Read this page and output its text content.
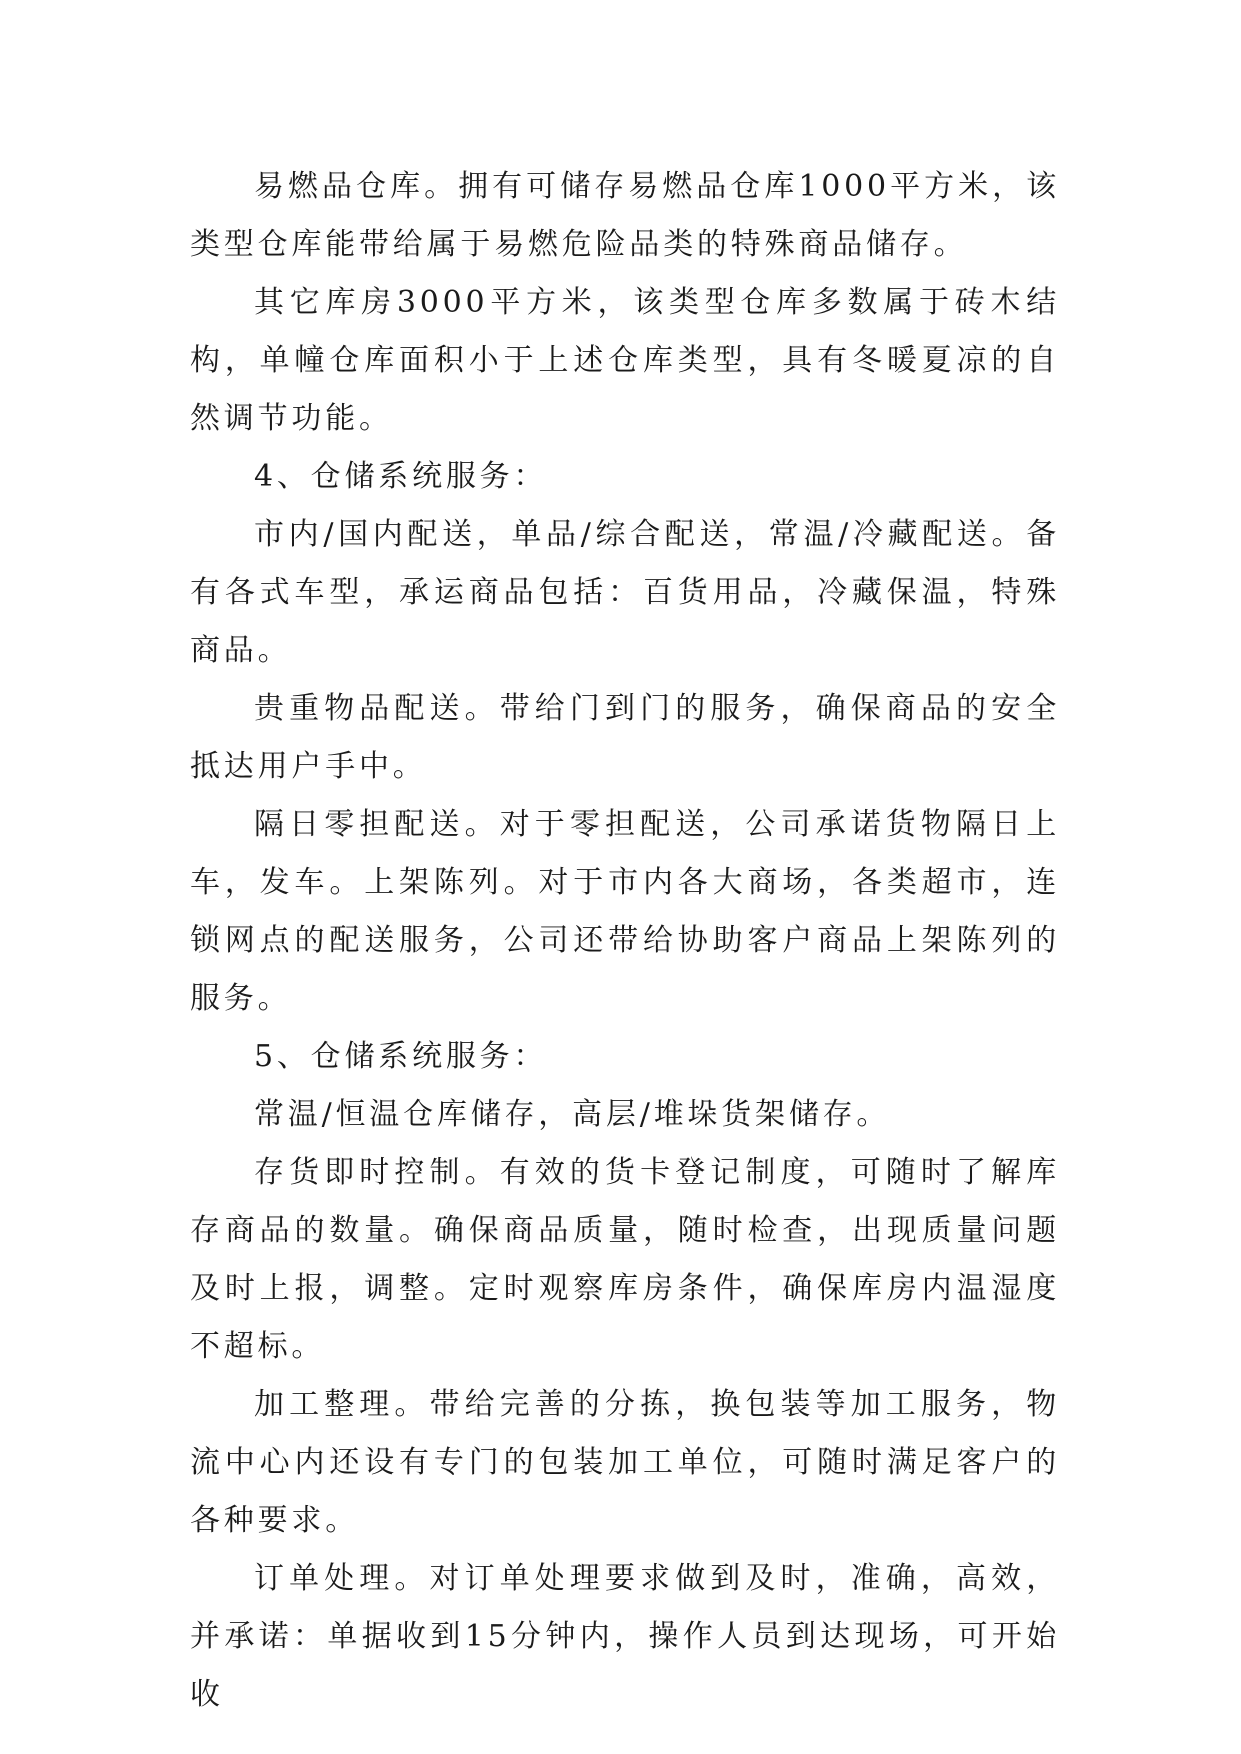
易燃品仓库。拥有可储存易燃品仓库1000平方米，该类型仓库能带给属于易燃危险品类的特殊商品储存。

其它库房3000平方米，该类型仓库多数属于砖木结构，单幢仓库面积小于上述仓库类型，具有冬暖夏凉的自然调节功能。

4、仓储系统服务：

市内/国内配送，单品/综合配送，常温/冷藏配送。备有各式车型，承运商品包括：百货用品，冷藏保温，特殊商品。

贵重物品配送。带给门到门的服务，确保商品的安全抵达用户手中。

隔日零担配送。对于零担配送，公司承诺货物隔日上车，发车。上架陈列。对于市内各大商场，各类超市，连锁网点的配送服务，公司还带给协助客户商品上架陈列的服务。

5、仓储系统服务：

常温/恒温仓库储存，高层/堆垛货架储存。

存货即时控制。有效的货卡登记制度，可随时了解库存商品的数量。确保商品质量，随时检查，出现质量问题及时上报，调整。定时观察库房条件，确保库房内温湿度不超标。

加工整理。带给完善的分拣，换包装等加工服务，物流中心内还设有专门的包装加工单位，可随时满足客户的各种要求。

订单处理。对订单处理要求做到及时，准确，高效，并承诺：单据收到15分钟内，操作人员到达现场，可开始收
